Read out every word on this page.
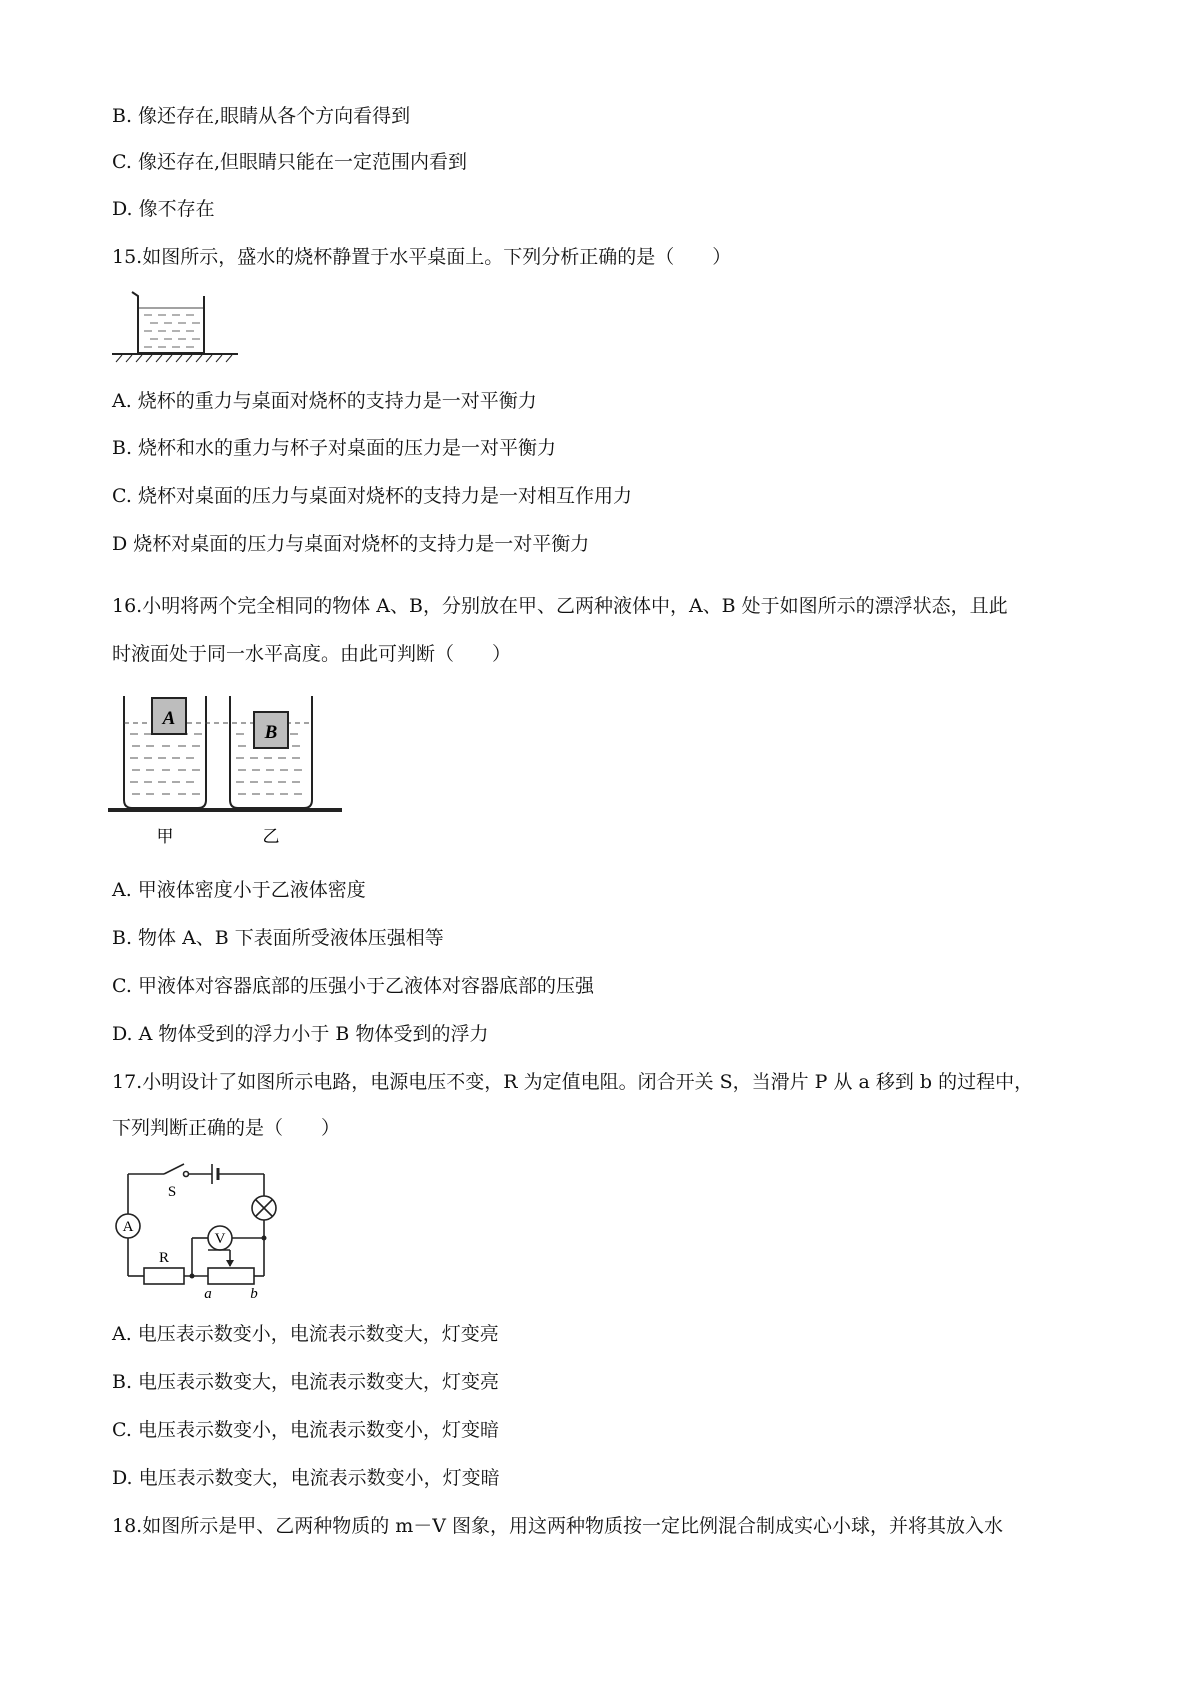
B. 像还存在,眼睛从各个方向看得到
C. 像还存在,但眼睛只能在一定范围内看到
D. 像不存在
15.如图所示，盛水的烧杯静置于水平桌面上。下列分析正确的是（　　）
A. 烧杯的重力与桌面对烧杯的支持力是一对平衡力
B. 烧杯和水的重力与杯子对桌面的压力是一对平衡力
C. 烧杯对桌面的压力与桌面对烧杯的支持力是一对相互作用力
D 烧杯对桌面的压力与桌面对烧杯的支持力是一对平衡力
16.小明将两个完全相同的物体 A、B，分别放在甲、乙两种液体中，A、B 处于如图所示的漂浮状态，且此
时液面处于同一水平高度。由此可判断（　　）
A
B
甲	乙
A. 甲液体密度小于乙液体密度
B. 物体 A、B 下表面所受液体压强相等
C. 甲液体对容器底部的压强小于乙液体对容器底部的压强
D. A 物体受到的浮力小于 B 物体受到的浮力
17.小明设计了如图所示电路，电源电压不变，R 为定值电阻。闭合开关 S，当滑片 P 从 a 移到 b 的过程中，
下列判断正确的是（　　）
S
A
V
R
a	b
A. 电压表示数变小，电流表示数变大，灯变亮
B. 电压表示数变大，电流表示数变大，灯变亮
C. 电压表示数变小，电流表示数变小，灯变暗
D. 电压表示数变大，电流表示数变小，灯变暗
18.如图所示是甲、乙两种物质的 m－V 图象，用这两种物质按一定比例混合制成实心小球，并将其放入水
